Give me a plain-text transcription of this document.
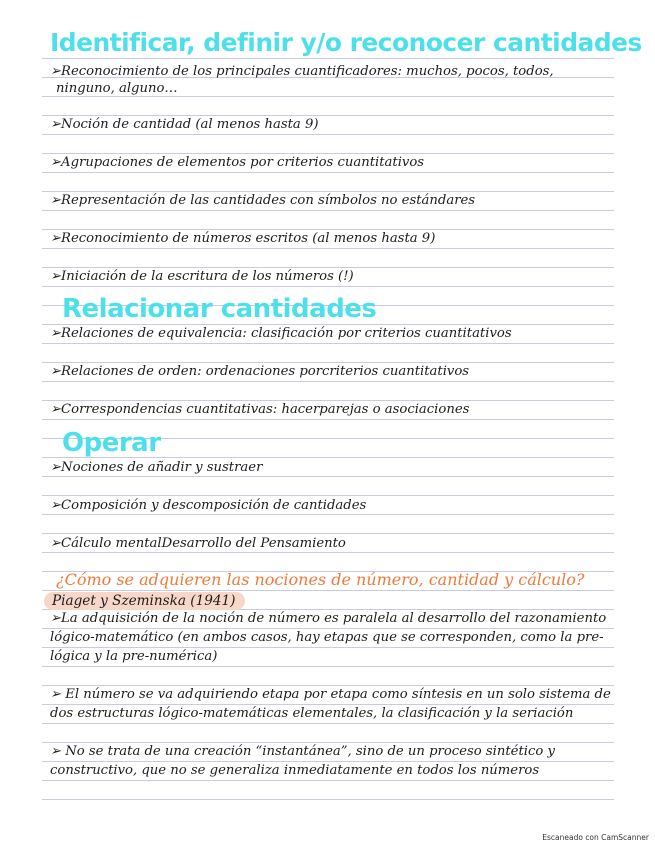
Identificar, definir y/o reconocer cantidades
➢Reconocimiento de los principales cuantificadores: muchos, pocos, todos,
ninguno, alguno…
➢Noción de cantidad (al menos hasta 9)
➢Agrupaciones de elementos por criterios cuantitativos
➢Representación de las cantidades con símbolos no estándares
➢Reconocimiento de números escritos (al menos hasta 9)
➢Iniciación de la escritura de los números (!)
Relacionar cantidades
➢Relaciones de equivalencia: clasificación por criterios cuantitativos
➢Relaciones de orden: ordenaciones porcriterios cuantitativos
➢Correspondencias cuantitativas: hacerparejas o asociaciones
Operar
➢Nociones de añadir y sustraer
➢Composición y descomposición de cantidades
➢Cálculo mentalDesarrollo del Pensamiento
¿Cómo se adquieren las nociones de número, cantidad y cálculo?
Piaget y Szeminska (1941)
➢La adquisición de la noción de número es paralela al desarrollo del razonamiento
lógico-matemático (en ambos casos, hay etapas que se corresponden, como la pre-
lógica y la pre-numérica)
➢ El número se va adquiriendo etapa por etapa como síntesis en un solo sistema de
dos estructuras lógico-matemáticas elementales, la clasificación y la seriación
➢ No se trata de una creación “instantánea”, sino de un proceso sintético y
constructivo, que no se generaliza inmediatamente en todos los números
Escaneado con CamScanner
